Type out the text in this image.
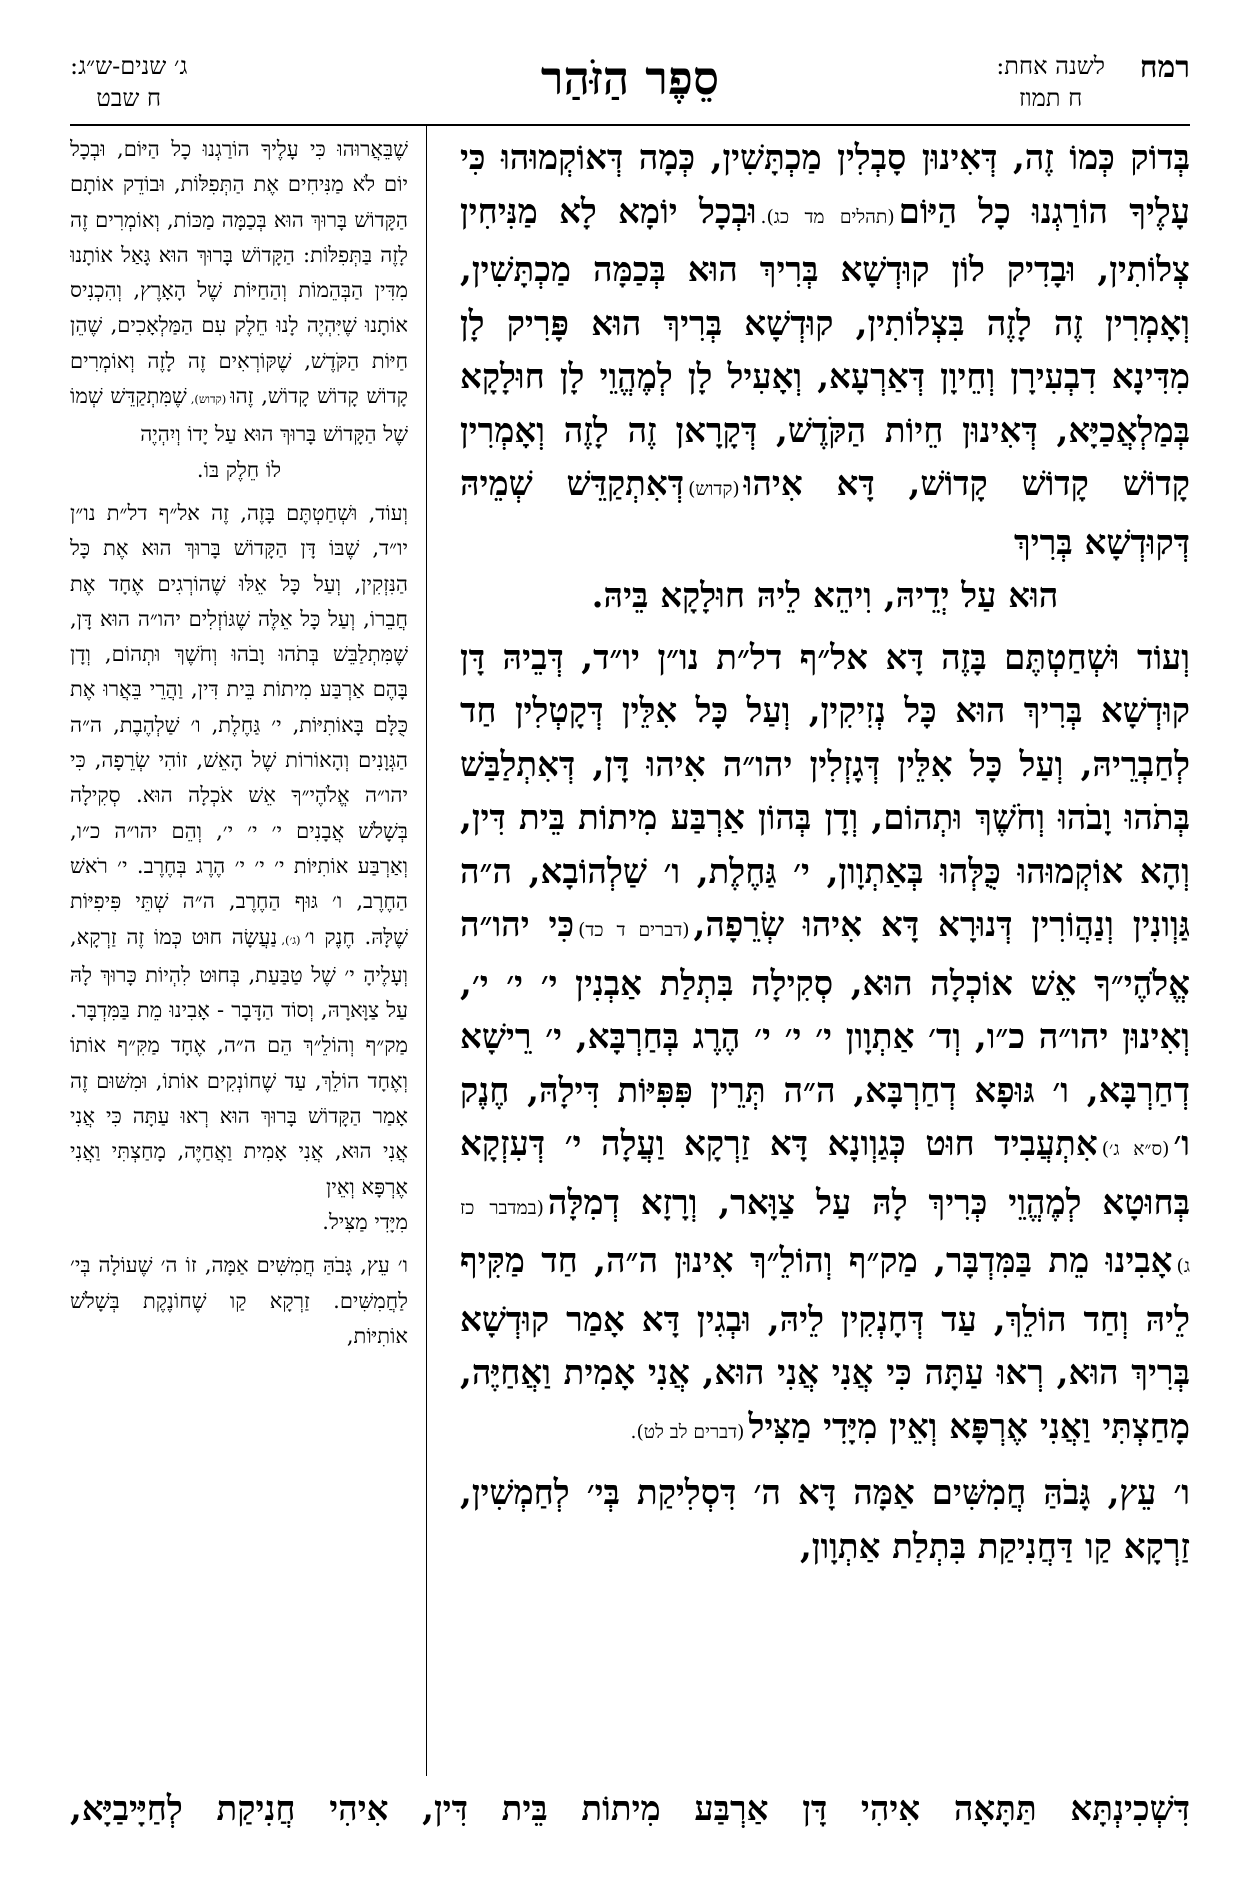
רמח
לשנה אחת:
ח תמוז
סֵפֶר הַזֹּהַר
ג׳ שנים-ש״ג:
ח שבט

בְּדוֹק כְּמוֹ זֶה, דְּאִינוּן סָבְלִין מַכְתָּשִׁין, כְּמָה דְּאוֹקְמוּהוּ כִּי עָלֶיךָ הוֹרַגְנוּ כָל הַיּוֹם(תהלים מד כג).וּבְכָל יוֹמָא לָא מַנִּיחִין צְלוֹתִין, וּבָדִיק לוֹן קוּדְשָׁא בְּרִיךְ הוּא בְּכַמָּה מַכְתָּשִׁין, וְאָמְרִין זֶה לָזֶה בִּצְלוֹתִין, קוּדְשָׁא בְּרִיךְ הוּא פָּרִיק לָן מִדִּינָא דִבְעִירָן וְחֵיוָן דְּאַרְעָא, וְאָעִיל לָן לְמֶהֱוֵי לָן חוּלָקָא בְּמַלְאֲכַיָּא, דְּאִינוּן חֵיוֹת הַקֹּדֶשׁ, דְּקָרָאן זֶה לָזֶה וְאָמְרִין קָדוֹשׁ קָדוֹשׁ קָדוֹשׁ, דָּא אִיהוּ(קדוש)דְּאִתְקַדֵּשׁ שְׁמֵיהּ דְּקוּדְשָׁא בְּרִיךְ

הוּא עַל יְדֵיהּ, וִיהֵא לֵיהּ חוּלָקָא בֵּיהּ.

וְעוֹד וּשְׁחַטְתֶּם בָּזֶה דָּא אל״ף דל״ת נו״ן יו״ד, דְּבֵיהּ דָּן קוּדְשָׁא בְּרִיךְ הוּא כָּל נְזִיקִין, וְעַל כָּל אִלֵּין דְּקָטְלִין חַד לְחַבְרֵיהּ, וְעַל כָּל אִלֵּין דְּגָזְלִין יהו״ה אִיהוּ דָּן, דְּאִתְלַבַּשׁ בְּתֹהוּ וָבֹהוּ וְחֹשֶׁךְ וּתְהוֹם, וְדָן בְּהוֹן אַרְבַּע מִיתוֹת בֵּית דִּין, וְהָא אוֹקְמוּהוּ כֻּלְּהוּ בְּאַתְוָון, י׳ גַּחֶלֶת, ו׳ שַׁלְהוֹבָא, ה״ה גַּוְונִין וְנַהֲוֹרִין דְּנוּרָא דָּא אִיהוּ שְׂרֵפָה,(דברים ד כד)כִּי יהו״ה אֱלֹהֶי״ךָ אֵשׁ אוֹכְלָה הוּא, סְקִילָה בִּתְלַת אַבְנִין י׳ י׳ י׳, וְאִינוּן יהו״ה כ״ו, וְד׳ אַתְוָון י׳ י׳ י׳ הֶרֶג בְּחַרְבָּא, י׳ רֵישָׁא דְחַרְבָּא, ו׳ גּוּפָא דְחַרְבָּא, ה״ה תְּרֵין פִּפִּיּוֹת דִּילָהּ, חֶנֶק ו׳(ס״א ג׳)אִתְעֲבִיד חוּט כְּגַוְונָא דָּא זַרְקָא וַעֲלָה י׳ דְּעִזְקָא בְּחוּטָא לְמֶהֱוֵי כְּרִיךְ לָהּ עַל צַוָּאר, וְרָזָא דְמִלָּה(במדבר כז ג)אָבִינוּ מֵת בַּמִּדְבָּר, מַק״ף וְהוֹלֵ״ךְ אִינוּן ה״ה, חַד מַקִּיף לֵיהּ וְחַד הוֹלֵךְ, עַד דְּחָנְקִין לֵיהּ, וּבְגִין דָּא אָמַר קוּדְשָׁא בְּרִיךְ הוּא, רְאוּ עַתָּה כִּי אֲנִי אֲנִי הוּא, אֲנִי אָמִית וַאֲחַיֶּה, מָחַצְתִּי וַאֲנִי אֶרְפָּא וְאֵין מִיָּדִי מַצִּיל(דברים לב לט).

ו׳ עֵץ, גָּבֹהַּ חֲמִשִּׁים אַמָּה דָּא ה׳ דִּסְלִיקַת בְּי׳ לְחַמְשִׁין, זַרְקָא קַו דַּחֲנִיקַת בִּתְלַת אַתְוָון,

שֶׁבֵּאֲרוּהוּ כִּי עָלֶיךָ הוֹרַגְנוּ כָל הַיּוֹם, וּבְכָל יוֹם לֹא מַנִּיחִים אֶת הַתְּפִלּוֹת, וּבוֹדֵק אוֹתָם הַקָּדוֹשׁ בָּרוּךְ הוּא בְּכַמָּה מַכּוֹת, וְאוֹמְרִים זֶה לָזֶה בַּתְּפִלּוֹת: הַקָּדוֹשׁ בָּרוּךְ הוּא גָּאַל אוֹתָנוּ מִדִּין הַבְּהֵמוֹת וְהַחַיּוֹת שֶׁל הָאָרֶץ, וְהִכְנִיס אוֹתָנוּ שֶׁיִּהְיֶה לָנוּ חֵלֶק עִם הַמַּלְאָכִים, שֶׁהֵן חַיּוֹת הַקֹּדֶשׁ, שֶׁקּוֹרְאִים זֶה לָזֶה וְאוֹמְרִים קָדוֹשׁ קָדוֹשׁ קָדוֹשׁ, זֶהוּ(קדוש),שֶׁמִּתְקַדֵּשׁ שְׁמוֹ שֶׁל הַקָּדוֹשׁ בָּרוּךְ הוּא עַל יָדוֹ וְיִהְיֶה
לוֹ חֵלֶק בּוֹ.

וְעוֹד, וּשְׁחַטְתֶּם בָּזֶה, זֶה אל״ף דל״ת נו״ן יו״ד, שֶׁבּוֹ דָּן הַקָּדוֹשׁ בָּרוּךְ הוּא אֶת כָּל הַנִּזְקִין, וְעַל כָּל אֵלּוּ שֶׁהוֹרְגִים אֶחָד אֶת חֲבֵרוֹ, וְעַל כָּל אֵלֶּה שֶׁגּוֹזְלִים יהו״ה הוּא דָּן, שֶׁמִּתְלַבֵּשׁ בְּתֹהוּ וָבֹהוּ וְחֹשֶׁךְ וּתְהוֹם, וְדָן בָּהֶם אַרְבַּע מִיתוֹת בֵּית דִּין, וַהֲרֵי בֵּאֲרוּ אֶת כֻּלָּם בָּאוֹתִיּוֹת, י׳ גַּחֶלֶת, ו׳ שַׁלְהֶבֶת, ה״ה הַגְּוָנִים וְהָאוֹרוֹת שֶׁל הָאֵשׁ, זוֹהִי שְׂרֵפָה, כִּי יהו״ה אֱלֹהֶי״ךָ אֵשׁ אֹכְלָה הוּא. סְקִילָה בְּשָׁלֹשׁ אֲבָנִים י׳ י׳ י׳, וְהֵם יהו״ה כ״ו, וְאַרְבַּע אוֹתִיּוֹת י׳ י׳ י׳ הֶרֶג בְּחֶרֶב. י׳ רֹאשׁ הַחֶרֶב, ו׳ גּוּף הַחֶרֶב, ה״ה שְׁתֵּי פִּיפִיּוֹת שֶׁלָּהּ. חֶנֶק ו׳(ג׳),נַעֲשָׂה חוּט כְּמוֹ זֶה זַרְקָא, וְעָלֶיהָ י׳ שֶׁל טַבַּעַת, בְּחוּט לִהְיוֹת כָּרוּךְ לָהּ עַל צַוָּארָהּ, וְסוֹד הַדָּבָר - אָבִינוּ מֵת בַּמִּדְבָּר. מַק״ף וְהוֹלֵ״ךְ הֵם ה״ה, אֶחָד מַקִּ״ף אוֹתוֹ וְאֶחָד הוֹלֵךְ, עַד שֶׁחוֹנְקִים אוֹתוֹ, וּמִשּׁוּם זֶה אָמַר הַקָּדוֹשׁ בָּרוּךְ הוּא רְאוּ עַתָּה כִּי אֲנִי אֲנִי הוּא, אֲנִי אָמִית וַאֲחַיֶּה, מָחַצְתִּי וַאֲנִי אֶרְפָּא וְאֵין
מִיָּדִי מַצִּיל.

ו׳ עֵץ, גָּבֹהַּ חֲמִשִּׁים אַמָּה, זוֹ ה׳ שֶׁעוֹלָה בְּי׳ לַחֲמִשִּׁים. זַרְקָא קַו שֶׁחוֹנֶקֶת בְּשָׁלֹשׁ אוֹתִיּוֹת,

דִּשְׁכִינְתָּא תַּתָּאָה אִיהִי דָּן אַרְבַּע מִיתוֹת בֵּית דִּין, אִיהִי חֲנִיקַת לְחַיָּיבַיָּא,
